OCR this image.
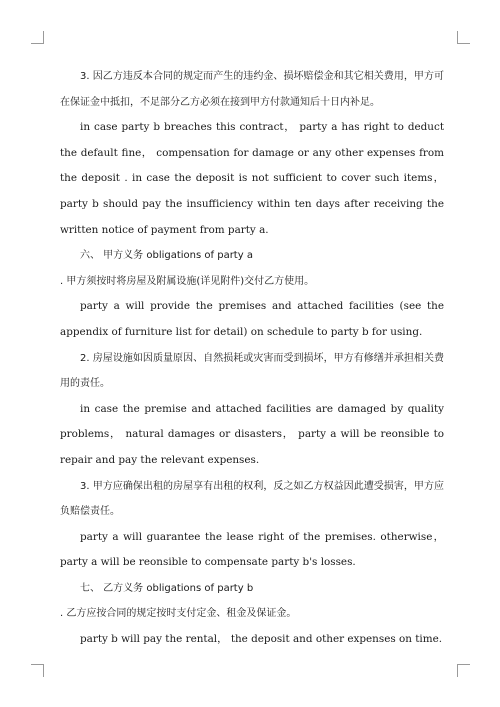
3. 因乙方违反本合同的规定而产生的违约金、损坏赔偿金和其它相关费用，甲方可在保证金中抵扣，不足部分乙方必须在接到甲方付款通知后十日内补足。

in case party b breaches this contract， party a has right to deduct the default fine， compensation for damage or any other expenses from the deposit . in case the deposit is not sufficient to cover such items， party b should pay the insufficiency within ten days after receiving the written notice of payment from party a.

六、 甲方义务 obligations of party a

. 甲方须按时将房屋及附属设施(详见附件)交付乙方使用。

party a will provide the premises and attached facilities (see the appendix of furniture list for detail) on schedule to party b for using.

2. 房屋设施如因质量原因、自然损耗或灾害而受到损坏，甲方有修缮并承担相关费用的责任。

in case the premise and attached facilities are damaged by quality problems， natural damages or disasters， party a will be reonsible to repair and pay the relevant expenses.

3. 甲方应确保出租的房屋享有出租的权利，反之如乙方权益因此遭受损害，甲方应负赔偿责任。

party a will guarantee the lease right of the premises. otherwise， party a will be reonsible to compensate party b's losses.

七、 乙方义务 obligations of party b

. 乙方应按合同的规定按时支付定金、租金及保证金。

party b will pay the rental， the deposit and other expenses on time.
